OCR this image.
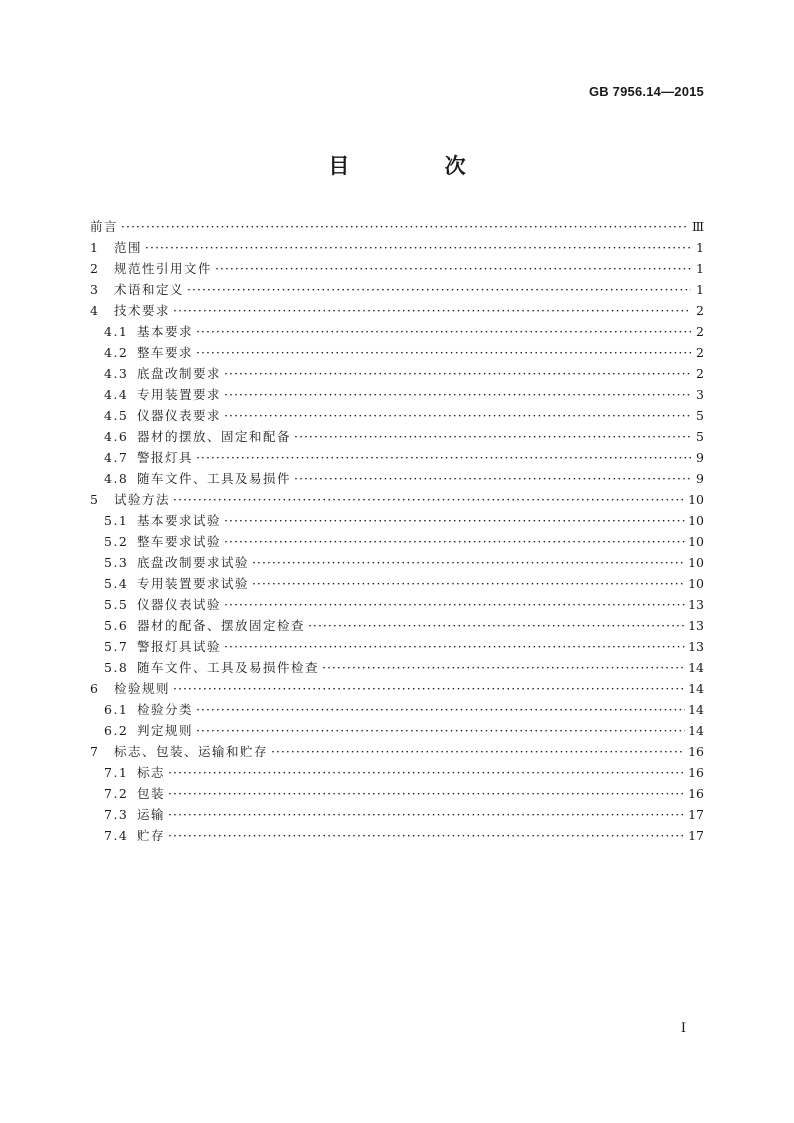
GB 7956.14—2015
目 次
前言 ·····	Ⅲ
1	范围 ·····	1
2	规范性引用文件 ·····	1
3	术语和定义 ·····	1
4	技术要求 ·····	2
4.1 基本要求 ·····	2
4.2 整车要求 ·····	2
4.3 底盘改制要求 ·····	2
4.4 专用装置要求 ·····	3
4.5 仪器仪表要求 ·····	5
4.6 器材的摆放、固定和配备 ·····	5
4.7 警报灯具 ·····	9
4.8 随车文件、工具及易损件 ·····	9
5	试验方法 ·····	10
5.1 基本要求试验 ·····	10
5.2 整车要求试验 ·····	10
5.3 底盘改制要求试验 ·····	10
5.4 专用装置要求试验 ·····	10
5.5 仪器仪表试验 ·····	13
5.6 器材的配备、摆放固定检查 ·····	13
5.7 警报灯具试验 ·····	13
5.8 随车文件、工具及易损件检查 ·····	14
6	检验规则 ·····	14
6.1 检验分类 ·····	14
6.2 判定规则 ·····	14
7	标志、包装、运输和贮存 ·····	16
7.1 标志 ·····	16
7.2 包装 ·····	16
7.3 运输 ·····	17
7.4 贮存 ·····	17
Ⅰ
